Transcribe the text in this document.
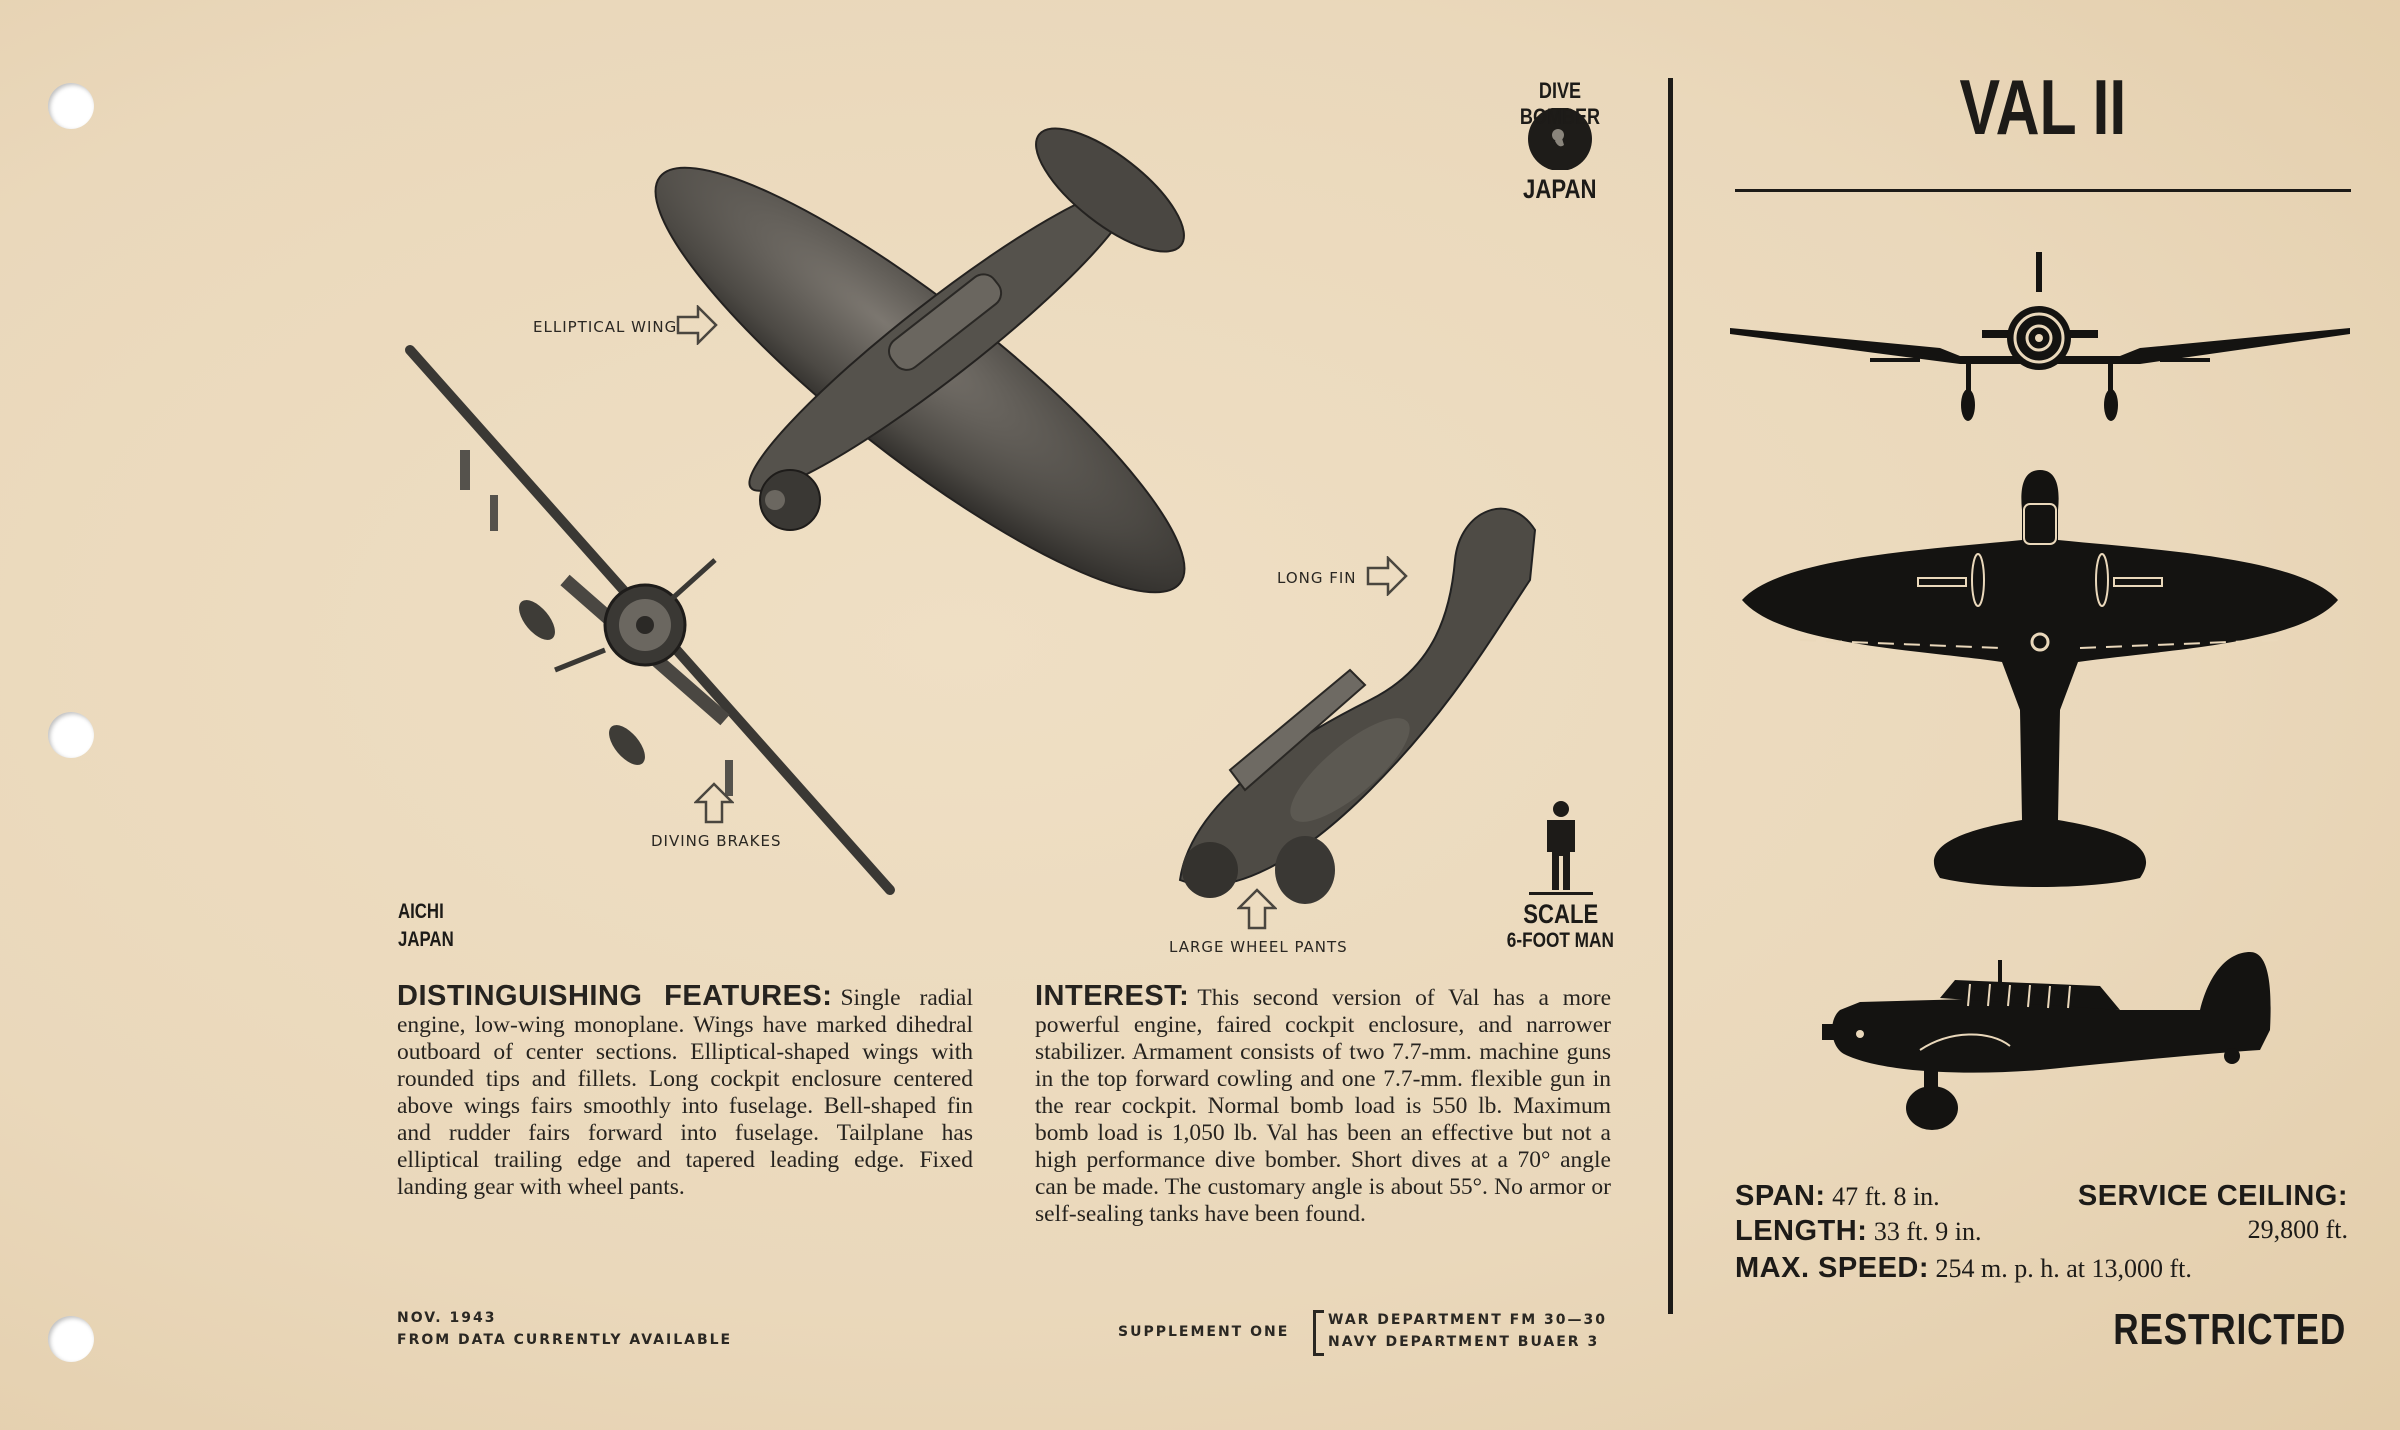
DIVE BOMBER
JAPAN
VAL II
ELLIPTICAL WING
DIVING BRAKES
LONG FIN
LARGE WHEEL PANTS
AICHI
JAPAN
SCALE
6-FOOT MAN
DISTINGUISHING FEATURES: Single radial engine, low-wing monoplane. Wings have marked dihedral outboard of center sections. Elliptical-shaped wings with rounded tips and fillets. Long cockpit enclosure centered above wings fairs smoothly into fuselage. Bell-shaped fin and rudder fairs forward into fuselage. Tailplane has elliptical trailing edge and tapered leading edge. Fixed landing gear with wheel pants.
INTEREST: This second version of Val has a more powerful engine, faired cockpit enclosure, and narrower stabilizer. Armament consists of two 7.7-mm. machine guns in the top forward cowling and one 7.7-mm. flexible gun in the rear cockpit. Normal bomb load is 550 lb. Maximum bomb load is 1,050 lb. Val has been an effective but not a high performance dive bomber. Short dives at a 70° angle can be made. The customary angle is about 55°. No armor or self-sealing tanks have been found.
NOV. 1943
FROM DATA CURRENTLY AVAILABLE	SUPPLEMENT ONE
WAR DEPARTMENT FM 30—30
NAVY DEPARTMENT BUAER 3
SPAN: 47 ft. 8 in.
LENGTH: 33 ft. 9 in.
MAX. SPEED: 254 m. p. h. at 13,000 ft.
SERVICE CEILING:
29,800 ft.
RESTRICTED
